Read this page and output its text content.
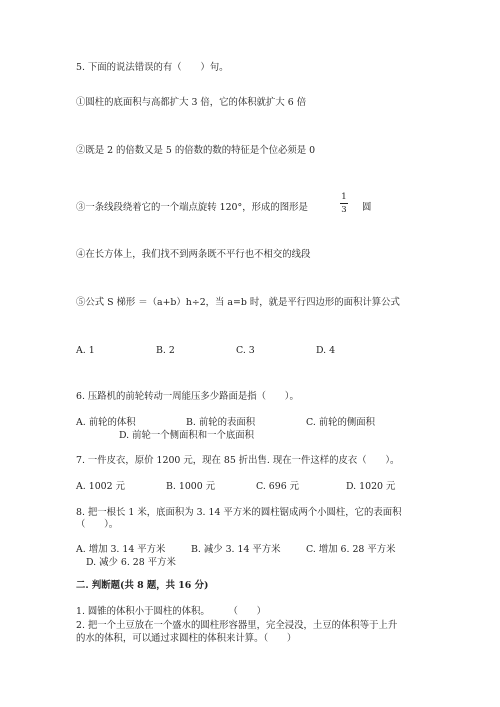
5. 下面的说法错误的有（　　）句。
①圆柱的底面积与高都扩大 3 倍，它的体积就扩大 6 倍
②既是 2 的倍数又是 5 的倍数的数的特征是个位必须是 0
③一条线段绕着它的一个端点旋转 120°，形成的图形是
1
3 圆
④在长方体上，我们找不到两条既不平行也不相交的线段
⑤公式 S 梯形 ＝（a+b）h÷2，当 a=b 时，就是平行四边形的面积计算公式
A. 1	B. 2	C. 3	D. 4
6. 压路机的前轮转动一周能压多少路面是指（　　）。
A. 前轮的体积	B. 前轮的表面积	C. 前轮的侧面积
D. 前轮一个侧面积和一个底面积
7. 一件皮衣，原价 1200 元，现在 85 折出售. 现在一件这样的皮衣（　　）。
A. 1002 元	B. 1000 元	C. 696 元	D. 1020 元
8. 把一根长 1 米，底面积为 3. 14 平方米的圆柱锯成两个小圆柱，它的表面积
（　　）。
A. 增加 3. 14 平方米	B. 减少 3. 14 平方米	C. 增加 6. 28 平方米
D. 减少 6. 28 平方米
二. 判断题(共 8 题，共 16 分)
1. 圆锥的体积小于圆柱的体积。　　　（　　）
2. 把一个土豆放在一个盛水的圆柱形容器里，完全浸没，土豆的体积等于上升
的水的体积，可以通过求圆柱的体积来计算。（　　）
